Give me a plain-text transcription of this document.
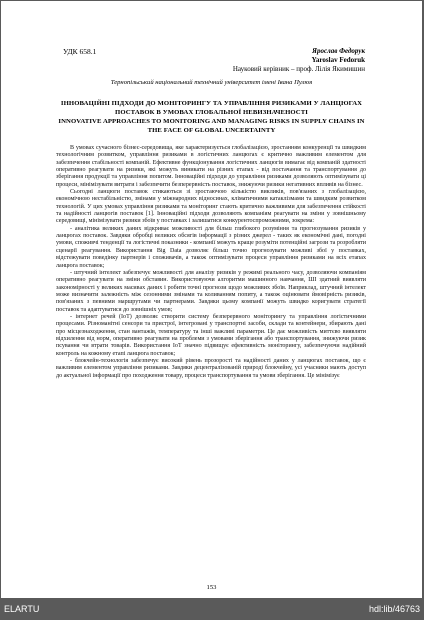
УДК 658.1	Ярослав Федорук
Yaroslav Fedoruk
Науковий керівник – проф. Лілія Якимишин
Тернопільський національний технічний університет імені Івана Пулюя
ІННОВАЦІЙНІ ПІДХОДИ ДО МОНІТОРИНГУ ТА УПРАВЛІННЯ РИЗИКАМИ У ЛАНЦЮГАХ ПОСТАВОК В УМОВАХ ГЛОБАЛЬНОЇ НЕВИЗНАЧЕНОСТІ
INNOVATIVE APPROACHES TO MONITORING AND MANAGING RISKS IN SUPPLY CHAINS IN THE FACE OF GLOBAL UNCERTAINTY

В умовах сучасного бізнес-середовища, яке характеризується глобалізацією, зростанням конкуренції та швидким технологічним розвитком, управління ризиками в логістичних ланцюгах є критично важливим елементом для забезпечення стабільності компаній. Ефективне функціонування логістичних ланцюгів вимагає від компаній здатності оперативно реагувати на ризики, які можуть виникати на різних етапах - від постачання та транспортування до зберігання продукції та управління попитом. Інноваційні підходи до управління ризиками дозволяють оптимізувати ці процеси, мінімізувати витрати і забезпечити безперервність поставок, знижуючи ризики негативних впливів на бізнес.

Сьогодні ланцюги поставок стикаються зі зростаючою кількістю викликів, пов'язаних з глобалізацією, економічною нестабільністю, змінами у міжнародних відносинах, кліматичними катаклізмами та швидким розвитком технологій. У цих умовах управління ризиками та моніторинг стають критично важливими для забезпечення стійкості та надійності ланцюгів поставок [1]. Інноваційні підходи дозволяють компаніям реагувати на зміни у зовнішньому середовищі, мінімізувати ризики збоїв у поставках і залишатися конкурентоспроможними, зокрема:

- аналітика великих даних відкриває можливості для більш глибокого розуміння та прогнозування ризиків у ланцюгах поставок. Завдяки обробці великих обсягів інформації з різних джерел - таких як економічні дані, погодні умови, споживчі тенденції та логістичні показники - компанії можуть краще розуміти потенційні загрози та розробляти сценарії реагування. Використання Big Data дозволяє більш точно прогнозувати можливі збої у поставках, відстежувати поведінку партнерів і споживачів, а також оптимізувати процеси управління ризиками на всіх етапах ланцюга поставок;

- штучний інтелект забезпечує можливості для аналізу ризиків у режимі реального часу, дозволяючи компаніям оперативно реагувати на зміни обставин. Використовуючи алгоритми машинного навчання, ШІ здатний виявляти закономірності у великих масивах даних і робити точні прогнози щодо можливих збоїв. Наприклад, штучний інтелект може визначити залежність між сезонними змінами та коливанням попиту, а також оцінювати ймовірність ризиків, пов'язаних з певними маршрутами чи партнерами. Завдяки цьому компанії можуть швидко коригувати стратегії поставок та адаптуватися до зовнішніх умов;

- інтернет речей (IoT) дозволяє створити систему безперервного моніторингу та управління логістичними процесами. Різноманітні сенсори та пристрої, інтегровані у транспортні засоби, склади та контейнери, збирають дані про місцезнаходження, стан вантажів, температуру та інші важливі параметри. Це дає можливість миттєво виявляти відхилення від норм, оперативно реагувати на проблеми з умовами зберігання або транспортування, знижуючи ризик псування чи втрати товарів. Використання IoT значно підвищує ефективність моніторингу, забезпечуючи надійний контроль на кожному етапі ланцюга поставок;

- блокчейн-технологія забезпечує високий рівень прозорості та надійності даних у ланцюгах поставок, що є важливим елементом управління ризиками. Завдяки децентралізованій природі блокчейну, усі учасники мають доступ до актуальної інформації про походження товару, процеси транспортування та умови зберігання. Це мінімізує

153
ELARTU	hdl:lib/46763
